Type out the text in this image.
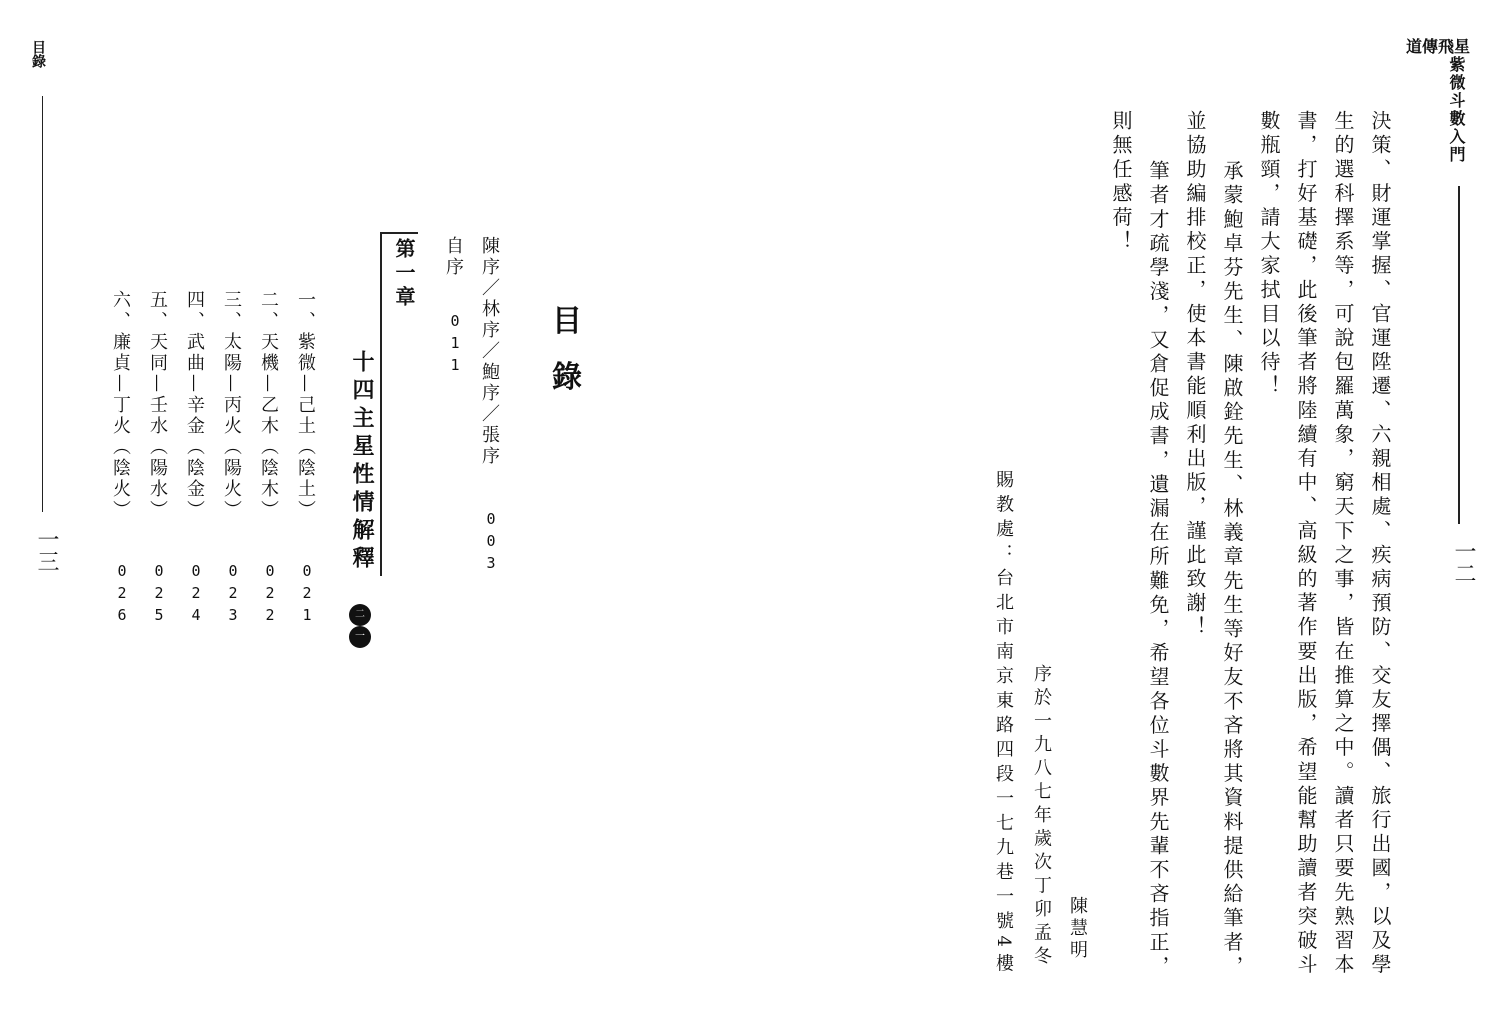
道傳飛星
紫微斗數入門
一二
決策、財運掌握、官運陞遷、六親相處、疾病預防、交友擇偶、旅行出國，以及學
生的選科擇系等，可說包羅萬象，窮天下之事，皆在推算之中。讀者只要先熟習本
書，打好基礎，此後筆者將陸續有中、高級的著作要出版，希望能幫助讀者突破斗
數瓶頸，請大家拭目以待！
承蒙鮑卓芬先生、陳啟銓先生、林義章先生等好友不吝將其資料提供給筆者，
並協助編排校正，使本書能順利出版，謹此致謝！
筆者才疏學淺，又倉促成書，遺漏在所難免，希望各位斗數界先輩不吝指正，
則無任感荷！
陳慧明
序於一九八七年歲次丁卯孟冬
賜教處：台北市南京東路四段一七九巷一號4樓
目錄
一三
目
錄
陳序／林序／鮑序／張序
003
自序
011
第一章
十四主星性情解釋
二
一
一、紫微—己土（陰土）
021
二、天機—乙木（陰木）
022
三、太陽—丙火（陽火）
023
四、武曲—辛金（陰金）
024
五、天同—壬水（陽水）
025
六、廉貞—丁火（陰火）
026
